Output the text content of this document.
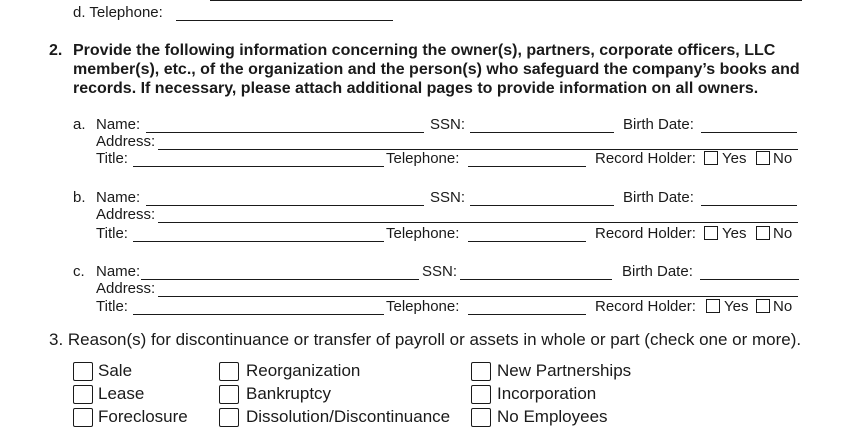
d. Telephone:
2. Provide the following information concerning the owner(s), partners, corporate officers, LLC
member(s), etc., of the organization and the person(s) who safeguard the company’s books and
records. If necessary, please attach additional pages to provide information on all owners.
a. Name:	SSN:	Birth Date:
Address:
Title:	Telephone:	Record Holder: Yes No
b. Name:	SSN:	Birth Date:
Address:
Title:	Telephone:	Record Holder: Yes No
c. Name:	SSN:	Birth Date:
Address:
Title:	Telephone:	Record Holder: Yes No
3. Reason(s) for discontinuance or transfer of payroll or assets in whole or part (check one or more).
Sale
Lease
Foreclosure
Reorganization
Bankruptcy
Dissolution/Discontinuance
New Partnerships
Incorporation
No Employees
